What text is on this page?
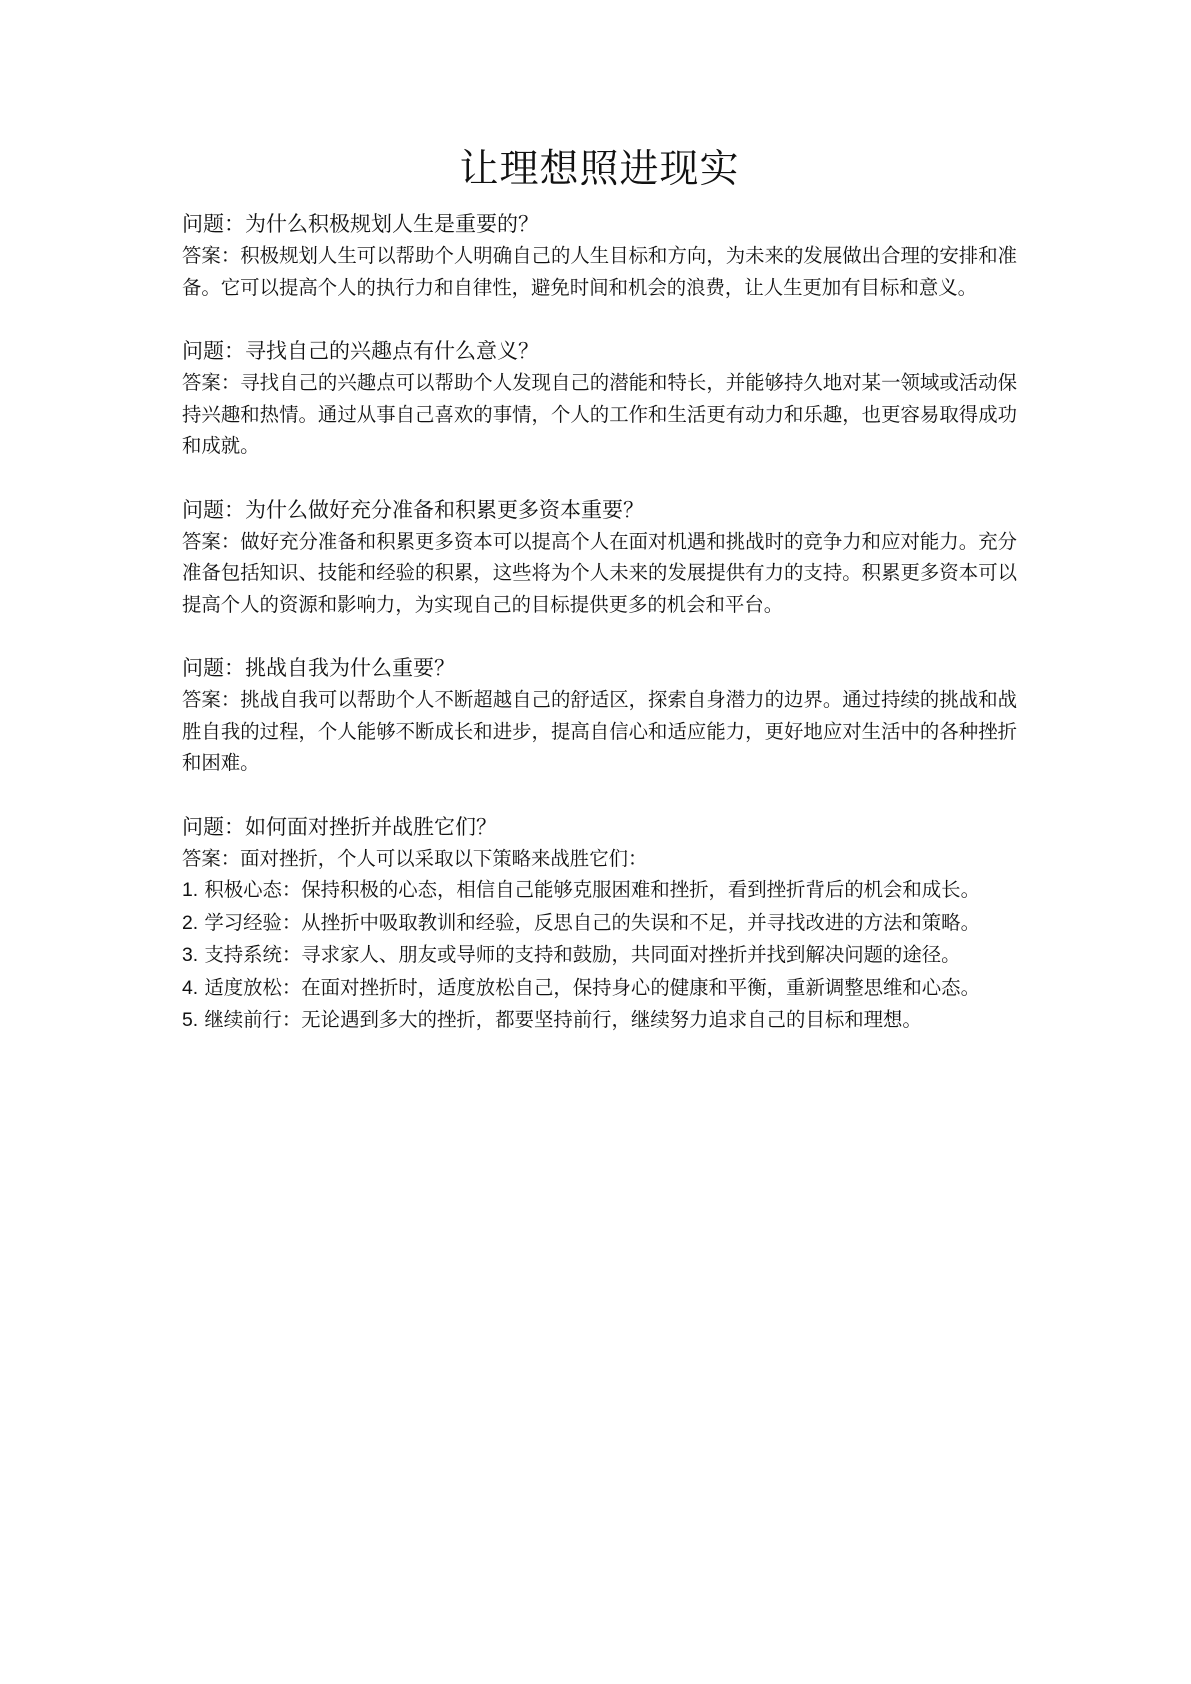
让理想照进现实

问题：为什么积极规划人生是重要的？

答案：积极规划人生可以帮助个人明确自己的人生目标和方向，为未来的发展做出合理的安排和准备。它可以提高个人的执行力和自律性，避免时间和机会的浪费，让人生更加有目标和意义。

问题：寻找自己的兴趣点有什么意义？

答案：寻找自己的兴趣点可以帮助个人发现自己的潜能和特长，并能够持久地对某一领域或活动保持兴趣和热情。通过从事自己喜欢的事情，个人的工作和生活更有动力和乐趣，也更容易取得成功和成就。

问题：为什么做好充分准备和积累更多资本重要？

答案：做好充分准备和积累更多资本可以提高个人在面对机遇和挑战时的竞争力和应对能力。充分准备包括知识、技能和经验的积累，这些将为个人未来的发展提供有力的支持。积累更多资本可以提高个人的资源和影响力，为实现自己的目标提供更多的机会和平台。

问题：挑战自我为什么重要？

答案：挑战自我可以帮助个人不断超越自己的舒适区，探索自身潜力的边界。通过持续的挑战和战胜自我的过程，个人能够不断成长和进步，提高自信心和适应能力，更好地应对生活中的各种挫折和困难。

问题：如何面对挫折并战胜它们？

答案：面对挫折，个人可以采取以下策略来战胜它们：

1. 积极心态：保持积极的心态，相信自己能够克服困难和挫折，看到挫折背后的机会和成长。

2. 学习经验：从挫折中吸取教训和经验，反思自己的失误和不足，并寻找改进的方法和策略。

3. 支持系统：寻求家人、朋友或导师的支持和鼓励，共同面对挫折并找到解决问题的途径。

4. 适度放松：在面对挫折时，适度放松自己，保持身心的健康和平衡，重新调整思维和心态。

5. 继续前行：无论遇到多大的挫折，都要坚持前行，继续努力追求自己的目标和理想。
